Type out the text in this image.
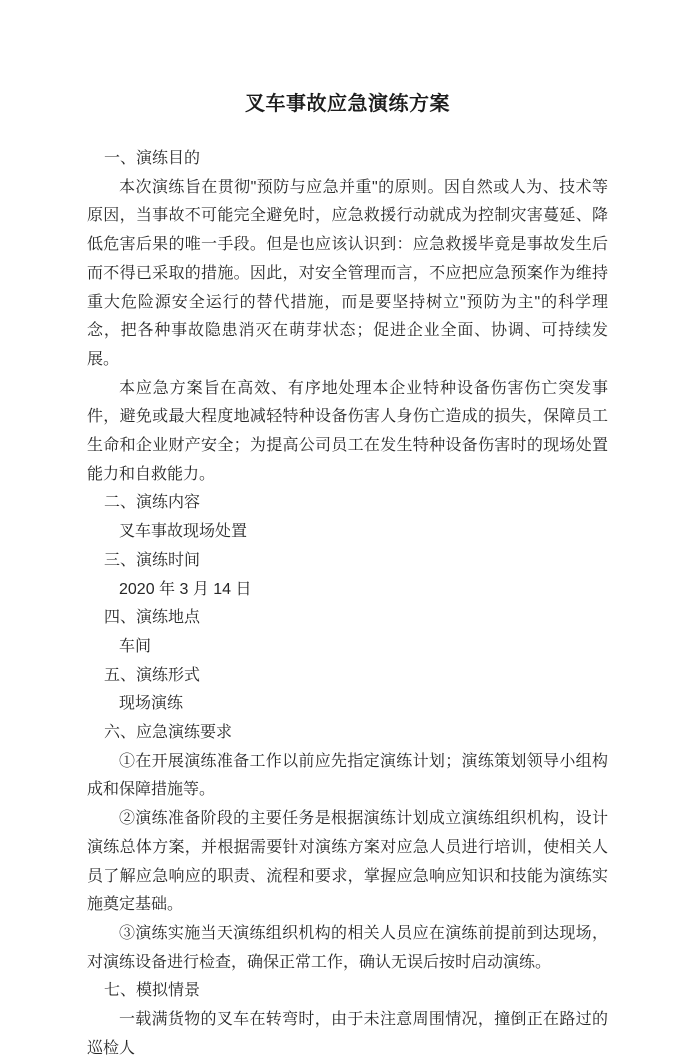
叉车事故应急演练方案
一、演练目的

本次演练旨在贯彻"预防与应急并重"的原则。因自然或人为、技术等原因，当事故不可能完全避免时，应急救援行动就成为控制灾害蔓延、降低危害后果的唯一手段。但是也应该认识到：应急救援毕竟是事故发生后而不得已采取的措施。因此，对安全管理而言，不应把应急预案作为维持重大危险源安全运行的替代措施，而是要坚持树立"预防为主"的科学理念，把各种事故隐患消灭在萌芽状态；促进企业全面、协调、可持续发展。

本应急方案旨在高效、有序地处理本企业特种设备伤害伤亡突发事件，避免或最大程度地减轻特种设备伤害人身伤亡造成的损失，保障员工生命和企业财产安全；为提高公司员工在发生特种设备伤害时的现场处置能力和自救能力。

二、演练内容

叉车事故现场处置

三、演练时间

2020 年 3 月 14 日

四、演练地点

车间

五、演练形式

现场演练

六、应急演练要求

①在开展演练准备工作以前应先指定演练计划；演练策划领导小组构成和保障措施等。

②演练准备阶段的主要任务是根据演练计划成立演练组织机构，设计演练总体方案，并根据需要针对演练方案对应急人员进行培训，使相关人员了解应急响应的职责、流程和要求，掌握应急响应知识和技能为演练实施奠定基础。

③演练实施当天演练组织机构的相关人员应在演练前提前到达现场，对演练设备进行检查，确保正常工作，确认无误后按时启动演练。

七、模拟情景

一载满货物的叉车在转弯时，由于未注意周围情况，撞倒正在路过的巡检人
